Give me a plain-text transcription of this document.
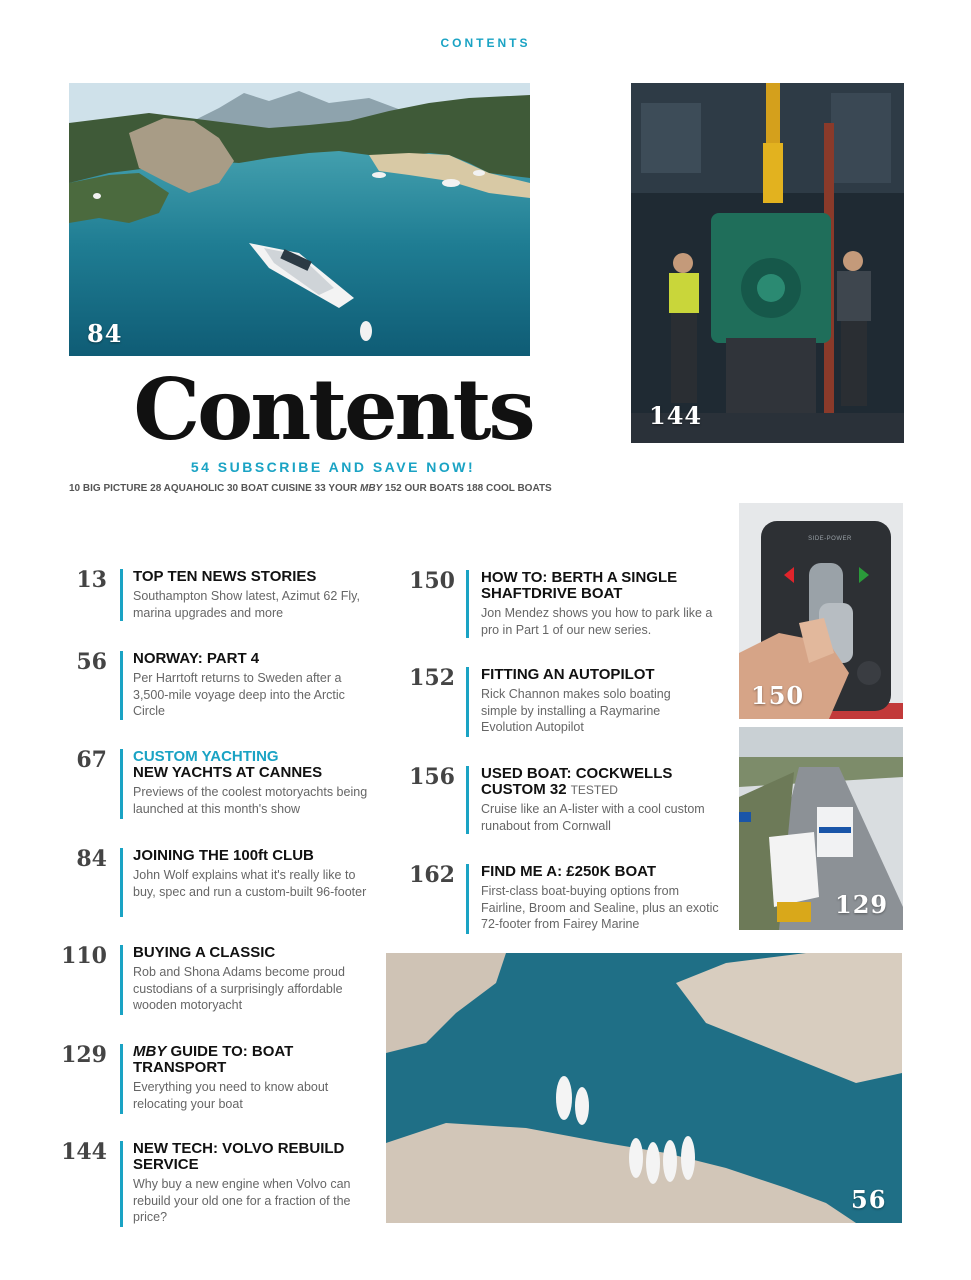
CONTENTS
84
144
Contents
54 SUBSCRIBE AND SAVE NOW!
10 BIG PICTURE 28 AQUAHOLIC 30 BOAT CUISINE 33 YOUR MBY 152 OUR BOATS 188 COOL BOATS
SIDE-POWER
150
129
56
13 TOP TEN NEWS STORIES
Southampton Show latest, Azimut 62 Fly, marina upgrades and more
56 NORWAY: PART 4
Per Harrtoft returns to Sweden after a 3,500-mile voyage deep into the Arctic Circle
67 CUSTOM YACHTING
NEW YACHTS AT CANNES
Previews of the coolest motoryachts being launched at this month's show
84 JOINING THE 100ft CLUB
John Wolf explains what it's really like to buy, spec and run a custom-built 96-footer
110 BUYING A CLASSIC
Rob and Shona Adams become proud custodians of a surprisingly affordable wooden motoryacht
129 MBY GUIDE TO: BOAT TRANSPORT
Everything you need to know about relocating your boat
144 NEW TECH: VOLVO REBUILD SERVICE
Why buy a new engine when Volvo can rebuild your old one for a fraction of the price?
150 HOW TO: BERTH A SINGLE SHAFTDRIVE BOAT
Jon Mendez shows you how to park like a pro in Part 1 of our new series.
152 FITTING AN AUTOPILOT
Rick Channon makes solo boating simple by installing a Raymarine Evolution Autopilot
156 USED BOAT: COCKWELLS CUSTOM 32 TESTED
Cruise like an A-lister with a cool custom runabout from Cornwall
162 FIND ME A: £250K BOAT
First-class boat-buying options from Fairline, Broom and Sealine, plus an exotic 72-footer from Fairey Marine
